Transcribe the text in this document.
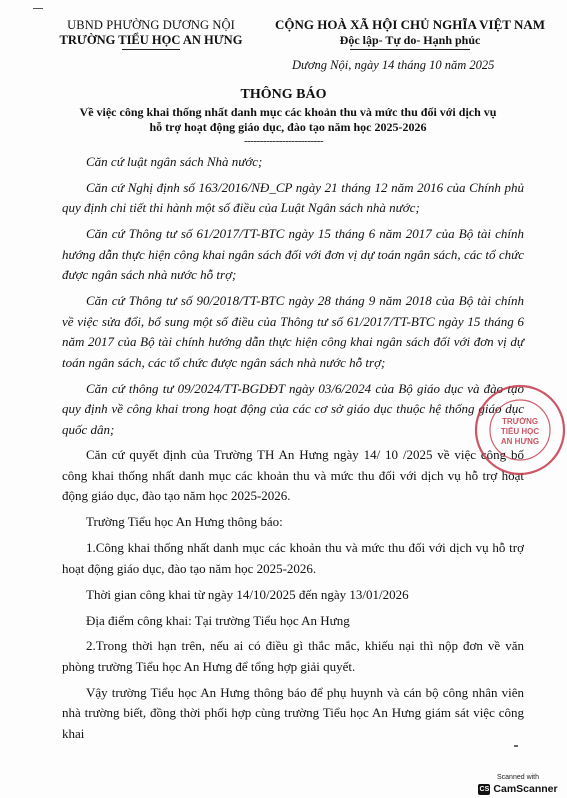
UBND PHƯỜNG DƯƠNG NỘI
TRƯỜNG TIỂU HỌC AN HƯNG
CỘNG HOÀ XÃ HỘI CHỦ NGHĨA VIỆT NAM
Độc lập- Tự do- Hạnh phúc
Dương Nội, ngày 14 tháng 10 năm 2025
THÔNG BÁO
Về việc công khai thống nhất danh mục các khoản thu và mức thu đối với dịch vụ hỗ trợ hoạt động giáo dục, đào tạo năm học 2025-2026
-------------------------

Căn cứ luật ngân sách Nhà nước;

Căn cứ Nghị định số 163/2016/NĐ_CP ngày 21 tháng 12 năm 2016 của Chính phủ quy định chi tiết thi hành một số điều của Luật Ngân sách nhà nước;

Căn cứ Thông tư số 61/2017/TT-BTC ngày 15 tháng 6 năm 2017 của Bộ tài chính hướng dẫn thực hiện công khai ngân sách đối với đơn vị dự toán ngân sách, các tổ chức được ngân sách nhà nước hỗ trợ;

Căn cứ Thông tư số 90/2018/TT-BTC ngày 28 tháng 9 năm 2018 của Bộ tài chính về việc sửa đổi, bổ sung một số điều của Thông tư số 61/2017/TT-BTC ngày 15 tháng 6 năm 2017 của Bộ tài chính hướng dẫn thực hiện công khai ngân sách đối với đơn vị dự toán ngân sách, các tổ chức được ngân sách nhà nước hỗ trợ;

Căn cứ thông tư 09/2024/TT-BGDĐT ngày 03/6/2024 của Bộ giáo dục và đào tạo quy định về công khai trong hoạt động của các cơ sở giáo dục thuộc hệ thống giáo dục quốc dân;

Căn cứ quyết định của Trường TH An Hưng ngày 14/ 10 /2025 về việc công bố công khai thống nhất danh mục các khoản thu và mức thu đối với dịch vụ hỗ trợ hoạt động giáo dục, đào tạo năm học 2025-2026.

Trường Tiểu học An Hưng thông báo:

1.Công khai thống nhất danh mục các khoản thu và mức thu đối với dịch vụ hỗ trợ hoạt động giáo dục, đào tạo năm học 2025-2026.

Thời gian công khai từ ngày 14/10/2025 đến ngày 13/01/2026

Địa điểm công khai: Tại trường Tiểu học An Hưng

2.Trong thời hạn trên, nếu ai có điều gì thắc mắc, khiếu nại thì nộp đơn về văn phòng trường Tiểu học An Hưng để tổng hợp giải quyết.

Vậy trường Tiểu học An Hưng thông báo để phụ huynh và cán bộ công nhân viên nhà trường biết, đồng thời phối hợp cùng trường Tiểu học An Hưng giám sát việc công khai

TRƯỜNG
TIỂU HỌC
AN HƯNG
Scanned with
CS CamScanner
